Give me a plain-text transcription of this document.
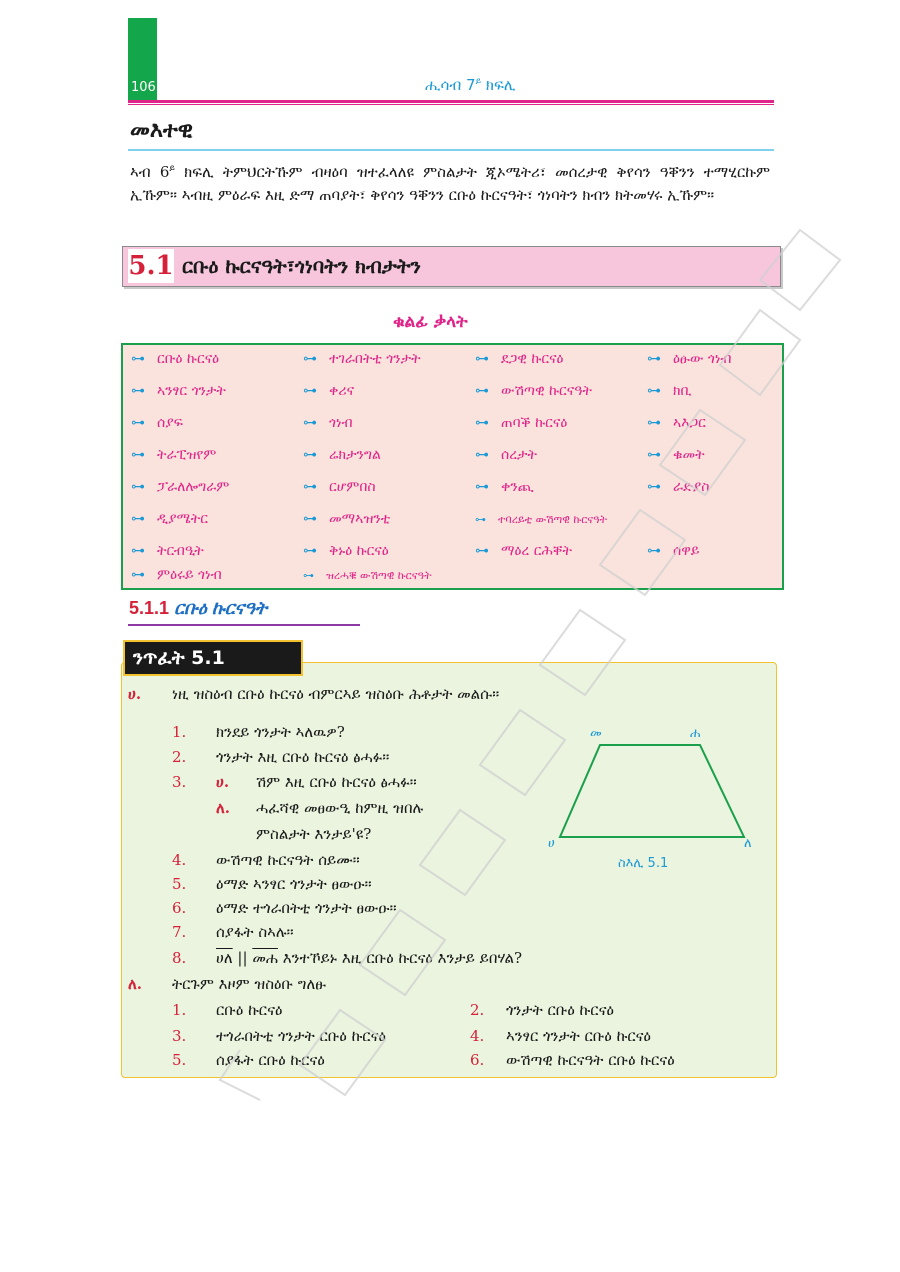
106	ሒሳብ $7^ይ$ ክፍሊ
መእተዊ
ኣብ $6^ይ$ ክፍሊ ትምህርትኹም ብዛዕባ ዝተፈላለዩ ምስልታት ጂኦሜትሪ፣ መሰረታዊ ቅየሳን ዓቐንን ተማሂርኩም ኢኹም። ኣብዚ ምዕራፍ እዚ ድማ ጠባያት፣ ቅየሳን ዓቐንን ርቡዕ ኩርናዓት፣ ጎነባትን ክብን ክትመሃሩ ኢኹም።
5.1 ርቡዕ ኩርናዓት፣ጎነባትን ክብታትን
ቁልፊ ቃላት
⊶ ርቡዕ ኩርናዕ	⊶ ተገራበትቲ ጎንታት	⊶ ደጋዊ ኩርናዕ	⊶ ዕፁው ጎነብ
⊶ ኣንፃር ጎንታት	⊶ ቀሪና	⊶ ውሽጣዊ ኩርናዓት	⊶ ክቢ
⊶ ሰያፍ	⊶ ጎነብ	⊶ ጠባቕ ኩርናዕ	⊶ ኣእጋር
⊶ ትራፒዝየም	⊶ ሬክታንግል	⊶ ሰረታት	⊶ ቁመት
⊶ ፓራለሎግራም	⊶ ርሆምበስ	⊶ ቀንጪ	⊶ ራድያስ
⊶ ዲያሜትር	⊶ መማኣዝንቲ	⊶ ተባረይቲ ውሽጣዊ ኩርናዓት
⊶ ትርብዒት	⊶ ቅኑዕ ኩርናዕ	⊶ ማዕረ ርሕቐት	⊶ ሰዋይ
⊶ ምዕሩይ ጎነብ	⊶ ዝረሓቑ ውሽጣዊ ኩርናዓት
5.1.1 ርቡዕ ኩርናዓት
ሀ. ነዚ ዝስዕብ ርቡዕ ኩርናዕ ብምርኣይ ዝስዕቡ ሕቶታት መልሱ።
1. ክንደይ ጎንታት ኣለዉዎ?
2. ጎንታት እዚ ርቡዕ ኩርናዕ ፅሓፉ።
3. ሀ. ሽም እዚ ርቡዕ ኩርናዕ ፅሓፉ።
ለ. ሓፈሻዊ መፀውዒ ከምዚ ዝበሉ
ምስልታት እንታይ'ዩ?
4. ውሽጣዊ ኩርናዓት ሰይሙ።
5. ዕማድ ኣንፃር ጎንታት ፀውዑ።
6. ዕማድ ተጎራበትቲ ጎንታት ፀውዑ።
7. ሰያፋት ስኣሉ።
8. ሀለ || መሐ እንተኾይኑ እዚ ርቡዕ ኩርናዕ እንታይ ይበሃል?
መ	ሐ
ሀ	ለ
ስእሊ 5.1
ለ. ትርጉም እዞም ዝስዕቡ ግለፁ
1. ርቡዕ ኩርናዕ	2. ጎንታት ርቡዕ ኩርናዕ
3. ተጎራበትቲ ጎንታት ርቡዕ ኩርናዕ	4. ኣንፃር ጎንታት ርቡዕ ኩርናዕ
5. ሰያፋት ርቡዕ ኩርናዕ	6. ውሽጣዊ ኩርናዓት ርቡዕ ኩርናዕ
ንጥፈት 5.1
